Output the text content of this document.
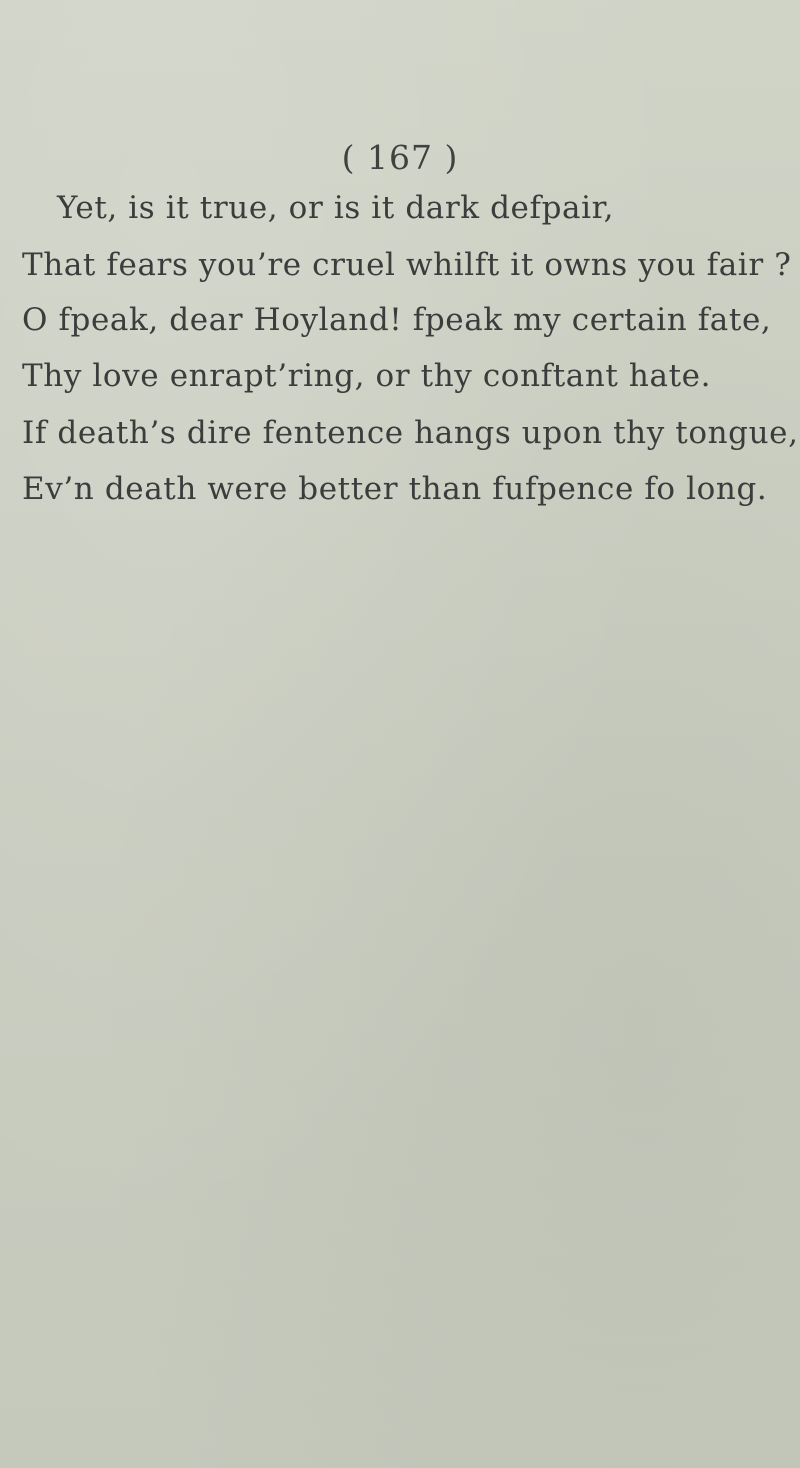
( 167 )
Yet, is it true, or is it dark defpair,
That fears you’re cruel whilft it owns you fair ?
O fpeak, dear Hoyland! fpeak my certain fate,
Thy love enrapt’ring, or thy conftant hate.
If death’s dire fentence hangs upon thy tongue,
Ev’n death were better than fufpence fo long.
